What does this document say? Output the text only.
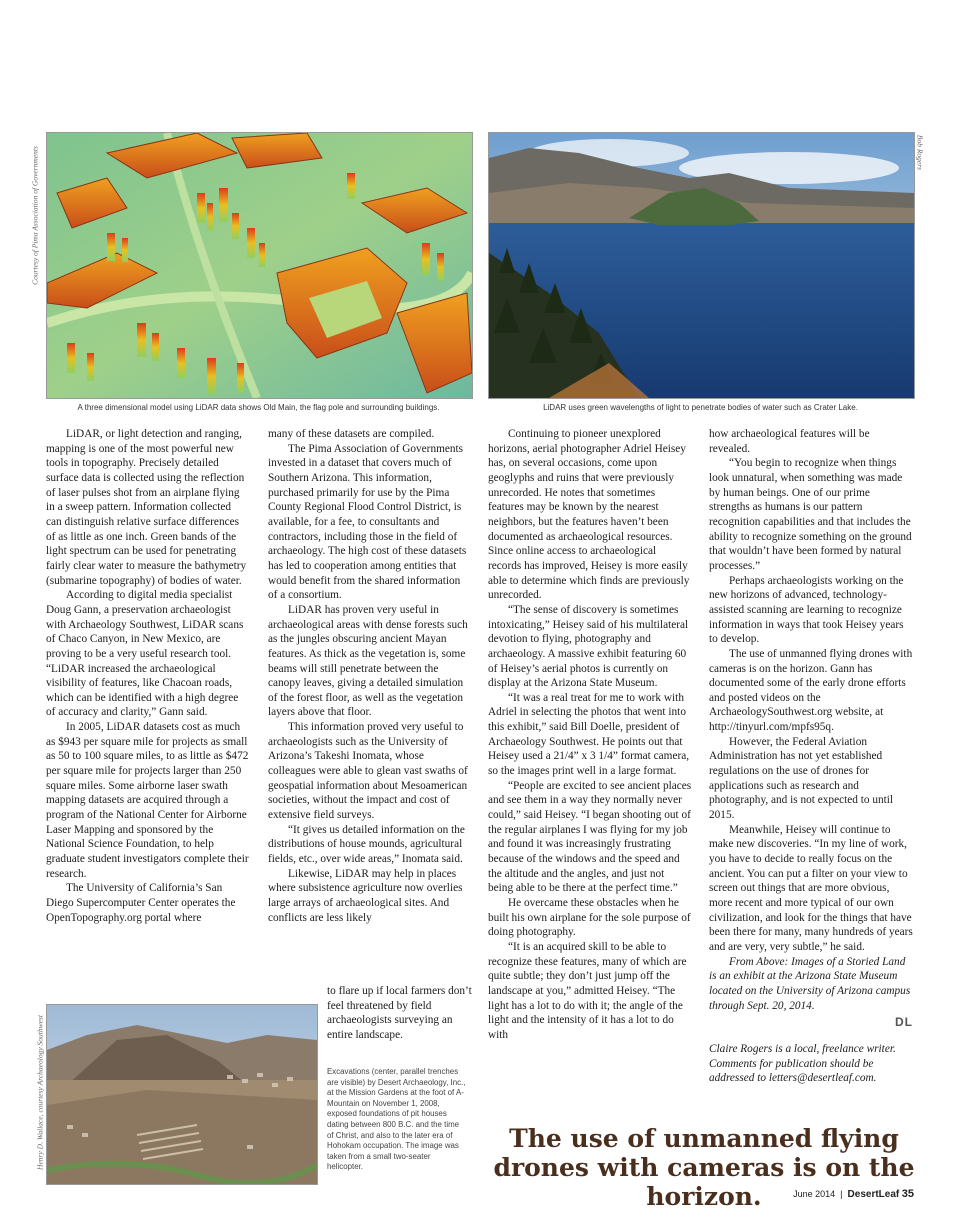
Courtesy of Pima Association of Governments
A three dimensional model using LiDAR data shows Old Main, the flag pole and surrounding buildings.
Bob Rogers
LiDAR uses green wavelengths of light to penetrate bodies of water such as Crater Lake.

LiDAR, or light detection and ranging, mapping is one of the most powerful new tools in topography. Precisely detailed surface data is collected using the reflection of laser pulses shot from an airplane flying in a sweep pattern. Information collected can distinguish relative surface differences of as little as one inch. Green bands of the light spectrum can be used for penetrating fairly clear water to measure the bathymetry (submarine topography) of bodies of water.

According to digital media specialist Doug Gann, a preservation archaeologist with Archaeology Southwest, LiDAR scans of Chaco Canyon, in New Mexico, are proving to be a very useful research tool. “LiDAR increased the archaeological visibility of features, like Chacoan roads, which can be identified with a high degree of accuracy and clarity,” Gann said.

In 2005, LiDAR datasets cost as much as $943 per square mile for projects as small as 50 to 100 square miles, to as little as $472 per square mile for projects larger than 250 square miles. Some airborne laser swath mapping datasets are acquired through a program of the National Center for Airborne Laser Mapping and sponsored by the National Science Foundation, to help graduate student investigators complete their research.

The University of California’s San Diego Supercomputer Center operates the OpenTopography.org portal where

many of these datasets are compiled.

The Pima Association of Governments invested in a dataset that covers much of Southern Arizona. This information, purchased primarily for use by the Pima County Regional Flood Control District, is available, for a fee, to consultants and contractors, including those in the field of archaeology. The high cost of these datasets has led to cooperation among entities that would benefit from the shared information of a consortium.

LiDAR has proven very useful in archaeological areas with dense forests such as the jungles obscuring ancient Mayan features. As thick as the vegetation is, some beams will still penetrate between the canopy leaves, giving a detailed simulation of the forest floor, as well as the vegetation layers above that floor.

This information proved very useful to archaeologists such as the University of Arizona’s Takeshi Inomata, whose colleagues were able to glean vast swaths of geospatial information about Mesoamerican societies, without the impact and cost of extensive field surveys.

“It gives us detailed information on the distributions of house mounds, agricultural fields, etc., over wide areas,” Inomata said.

Likewise, LiDAR may help in places where subsistence agriculture now overlies large arrays of archaeological sites. And conflicts are less likely

to flare up if local farmers don’t feel threatened by field archaeologists surveying an entire landscape.

Henry D. Wallace, courtesy Archaeology Southwest	Excavations (center, parallel trenches are visible) by Desert Archaeology, Inc., at the Mission Gardens at the foot of A-Mountain on November 1, 2008, exposed foundations of pit houses dating between 800 B.C. and the time of Christ, and also to the later era of Hohokam occupation. The image was taken from a small two-seater helicopter.

Continuing to pioneer unexplored horizons, aerial photographer Adriel Heisey has, on several occasions, come upon geoglyphs and ruins that were previously unrecorded. He notes that sometimes features may be known by the nearest neighbors, but the features haven’t been documented as archaeological resources. Since online access to archaeological records has improved, Heisey is more easily able to determine which finds are previously unrecorded.

“The sense of discovery is sometimes intoxicating,” Heisey said of his multilateral devotion to flying, photography and archaeology. A massive exhibit featuring 60 of Heisey’s aerial photos is currently on display at the Arizona State Museum.

“It was a real treat for me to work with Adriel in selecting the photos that went into this exhibit,” said Bill Doelle, president of Archaeology Southwest. He points out that Heisey used a 21/4” x 3 1/4” format camera, so the images print well in a large format.

“People are excited to see ancient places and see them in a way they normally never could,” said Heisey. “I began shooting out of the regular airplanes I was flying for my job and found it was increasingly frustrating because of the windows and the speed and the altitude and the angles, and just not being able to be there at the perfect time.”

He overcame these obstacles when he built his own airplane for the sole purpose of doing photography.

“It is an acquired skill to be able to recognize these features, many of which are quite subtle; they don’t just jump off the landscape at you,” admitted Heisey. “The light has a lot to do with it; the angle of the light and the intensity of it has a lot to do with

how archaeological features will be revealed.

“You begin to recognize when things look unnatural, when something was made by human beings. One of our prime strengths as humans is our pattern recognition capabilities and that includes the ability to recognize something on the ground that wouldn’t have been formed by natural processes.”

Perhaps archaeologists working on the new horizons of advanced, technology-assisted scanning are learning to recognize information in ways that took Heisey years to develop.

The use of unmanned flying drones with cameras is on the horizon. Gann has documented some of the early drone efforts and posted videos on the ArchaeologySouthwest.org website, at http://tinyurl.com/mpfs95q.

However, the Federal Aviation Administration has not yet established regulations on the use of drones for applications such as research and photography, and is not expected to until 2015.

Meanwhile, Heisey will continue to make new discoveries. “In my line of work, you have to decide to really focus on the ancient. You can put a filter on your view to screen out things that are more obvious, more recent and more typical of our own civilization, and look for the things that have been there for many, many hundreds of years and are very, very subtle,” he said.

From Above: Images of a Storied Land is an exhibit at the Arizona State Museum located on the University of Arizona campus through Sept. 20, 2014.

DL

Claire Rogers is a local, freelance writer. Comments for publication should be addressed to letters@desertleaf.com.

The use of unmanned flying drones with cameras is on the horizon.	June 2014 | DesertLeaf 35
